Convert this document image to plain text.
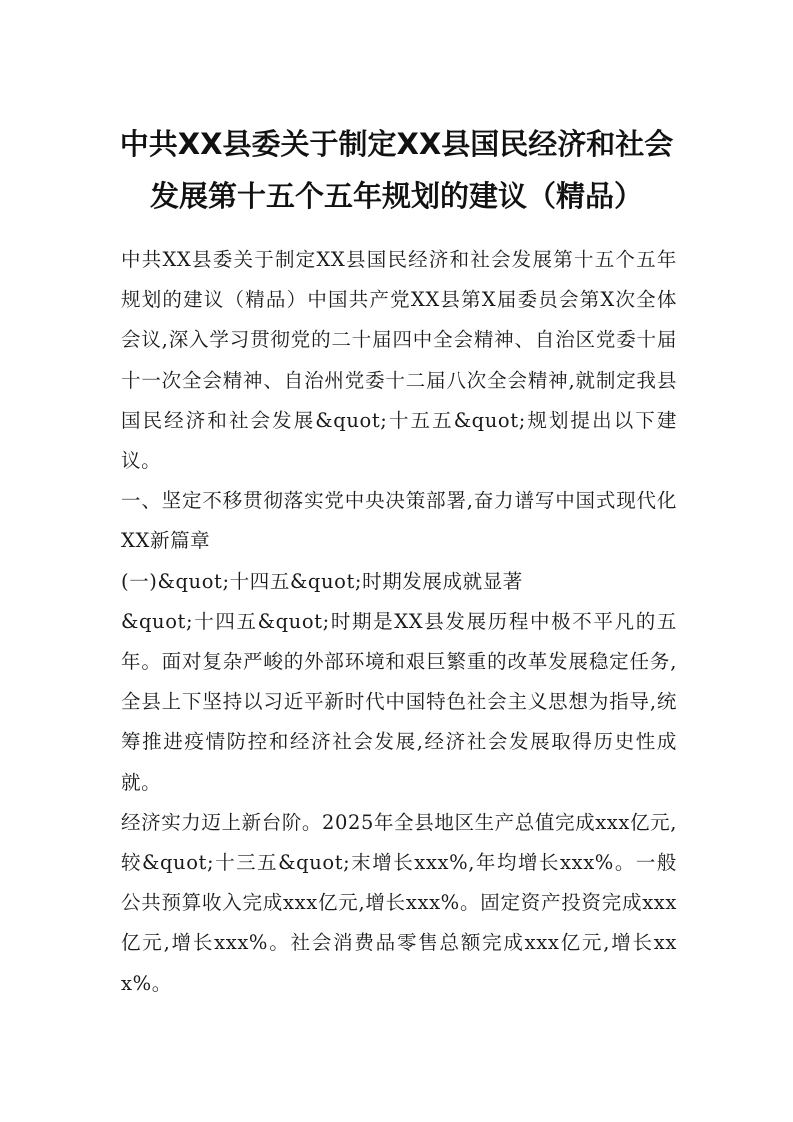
中共XX县委关于制定XX县国民经济和社会
发展第十五个五年规划的建议（精品）

中共XX县委关于制定XX县国民经济和社会发展第十五个五年规划的建议（精品）中国共产党XX县第X届委员会第X次全体会议,深入学习贯彻党的二十届四中全会精神、自治区党委十届十一次全会精神、自治州党委十二届八次全会精神,就制定我县国民经济和社会发展&quot;十五五&quot;规划提出以下建议。

一、坚定不移贯彻落实党中央决策部署,奋力谱写中国式现代化XX新篇章

(一)&quot;十四五&quot;时期发展成就显著

&quot;十四五&quot;时期是XX县发展历程中极不平凡的五年。面对复杂严峻的外部环境和艰巨繁重的改革发展稳定任务,全县上下坚持以习近平新时代中国特色社会主义思想为指导,统筹推进疫情防控和经济社会发展,经济社会发展取得历史性成就。

经济实力迈上新台阶。2025年全县地区生产总值完成xxx亿元,较&quot;十三五&quot;末增长xxx%,年均增长xxx%。一般公共预算收入完成xxx亿元,增长xxx%。固定资产投资完成xxx亿元,增长xxx%。社会消费品零售总额完成xxx亿元,增长xxx%。
